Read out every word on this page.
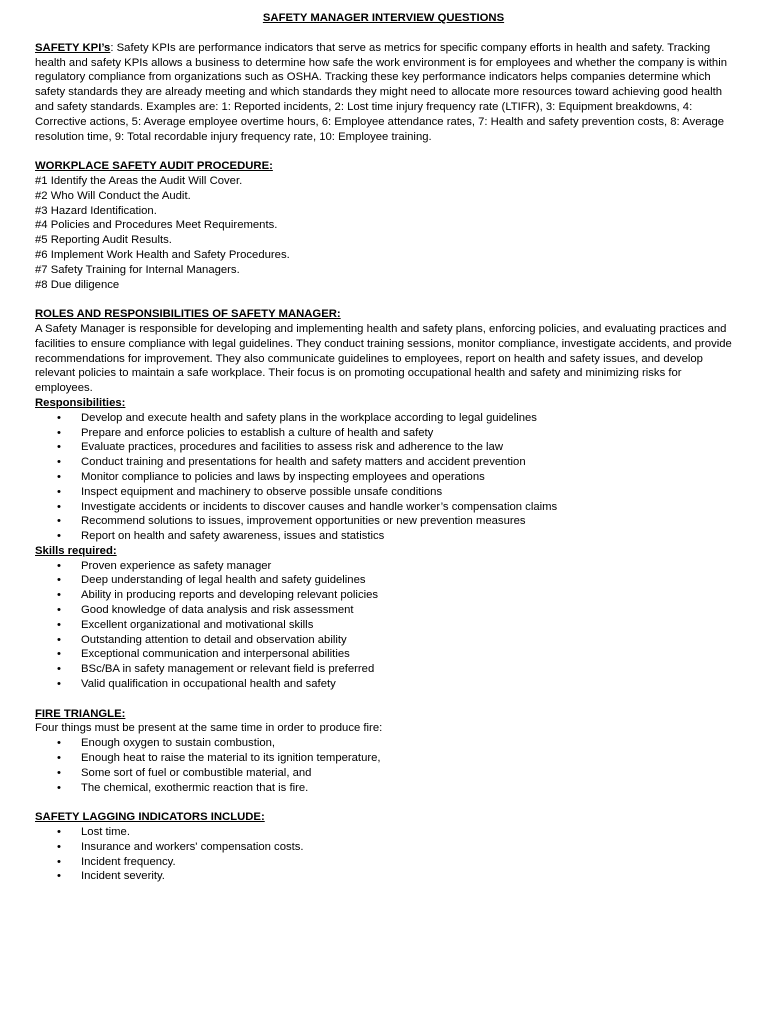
SAFETY MANAGER INTERVIEW QUESTIONS

SAFETY KPI’s: Safety KPIs are performance indicators that serve as metrics for specific company efforts in health and safety. Tracking health and safety KPIs allows a business to determine how safe the work environment is for employees and whether the company is within regulatory compliance from organizations such as OSHA. Tracking these key performance indicators helps companies determine which safety standards they are already meeting and which standards they might need to allocate more resources toward achieving good health and safety standards. Examples are: 1: Reported incidents, 2: Lost time injury frequency rate (LTIFR), 3: Equipment breakdowns, 4: Corrective actions, 5: Average employee overtime hours, 6: Employee attendance rates, 7: Health and safety prevention costs, 8: Average resolution time, 9: Total recordable injury frequency rate, 10: Employee training.

WORKPLACE SAFETY AUDIT PROCEDURE:
#1 Identify the Areas the Audit Will Cover.
#2 Who Will Conduct the Audit.
#3 Hazard Identification.
#4 Policies and Procedures Meet Requirements.
#5 Reporting Audit Results.
#6 Implement Work Health and Safety Procedures.
#7 Safety Training for Internal Managers.
#8 Due diligence
ROLES AND RESPONSIBILITIES OF SAFETY MANAGER:

A Safety Manager is responsible for developing and implementing health and safety plans, enforcing policies, and evaluating practices and facilities to ensure compliance with legal guidelines. They conduct training sessions, monitor compliance, investigate accidents, and provide recommendations for improvement. They also communicate guidelines to employees, report on health and safety issues, and develop relevant policies to maintain a safe workplace. Their focus is on promoting occupational health and safety and minimizing risks for employees.

Responsibilities:
• Develop and execute health and safety plans in the workplace according to legal guidelines
• Prepare and enforce policies to establish a culture of health and safety
• Evaluate practices, procedures and facilities to assess risk and adherence to the law
• Conduct training and presentations for health and safety matters and accident prevention
• Monitor compliance to policies and laws by inspecting employees and operations
• Inspect equipment and machinery to observe possible unsafe conditions
• Investigate accidents or incidents to discover causes and handle worker’s compensation claims
• Recommend solutions to issues, improvement opportunities or new prevention measures
• Report on health and safety awareness, issues and statistics
Skills required:
• Proven experience as safety manager
• Deep understanding of legal health and safety guidelines
• Ability in producing reports and developing relevant policies
• Good knowledge of data analysis and risk assessment
• Excellent organizational and motivational skills
• Outstanding attention to detail and observation ability
• Exceptional communication and interpersonal abilities
• BSc/BA in safety management or relevant field is preferred
• Valid qualification in occupational health and safety
FIRE TRIANGLE:
Four things must be present at the same time in order to produce fire:
• Enough oxygen to sustain combustion,
• Enough heat to raise the material to its ignition temperature,
• Some sort of fuel or combustible material, and
• The chemical, exothermic reaction that is fire.
SAFETY LAGGING INDICATORS INCLUDE:
• Lost time.
• Insurance and workers' compensation costs.
• Incident frequency.
• Incident severity.
